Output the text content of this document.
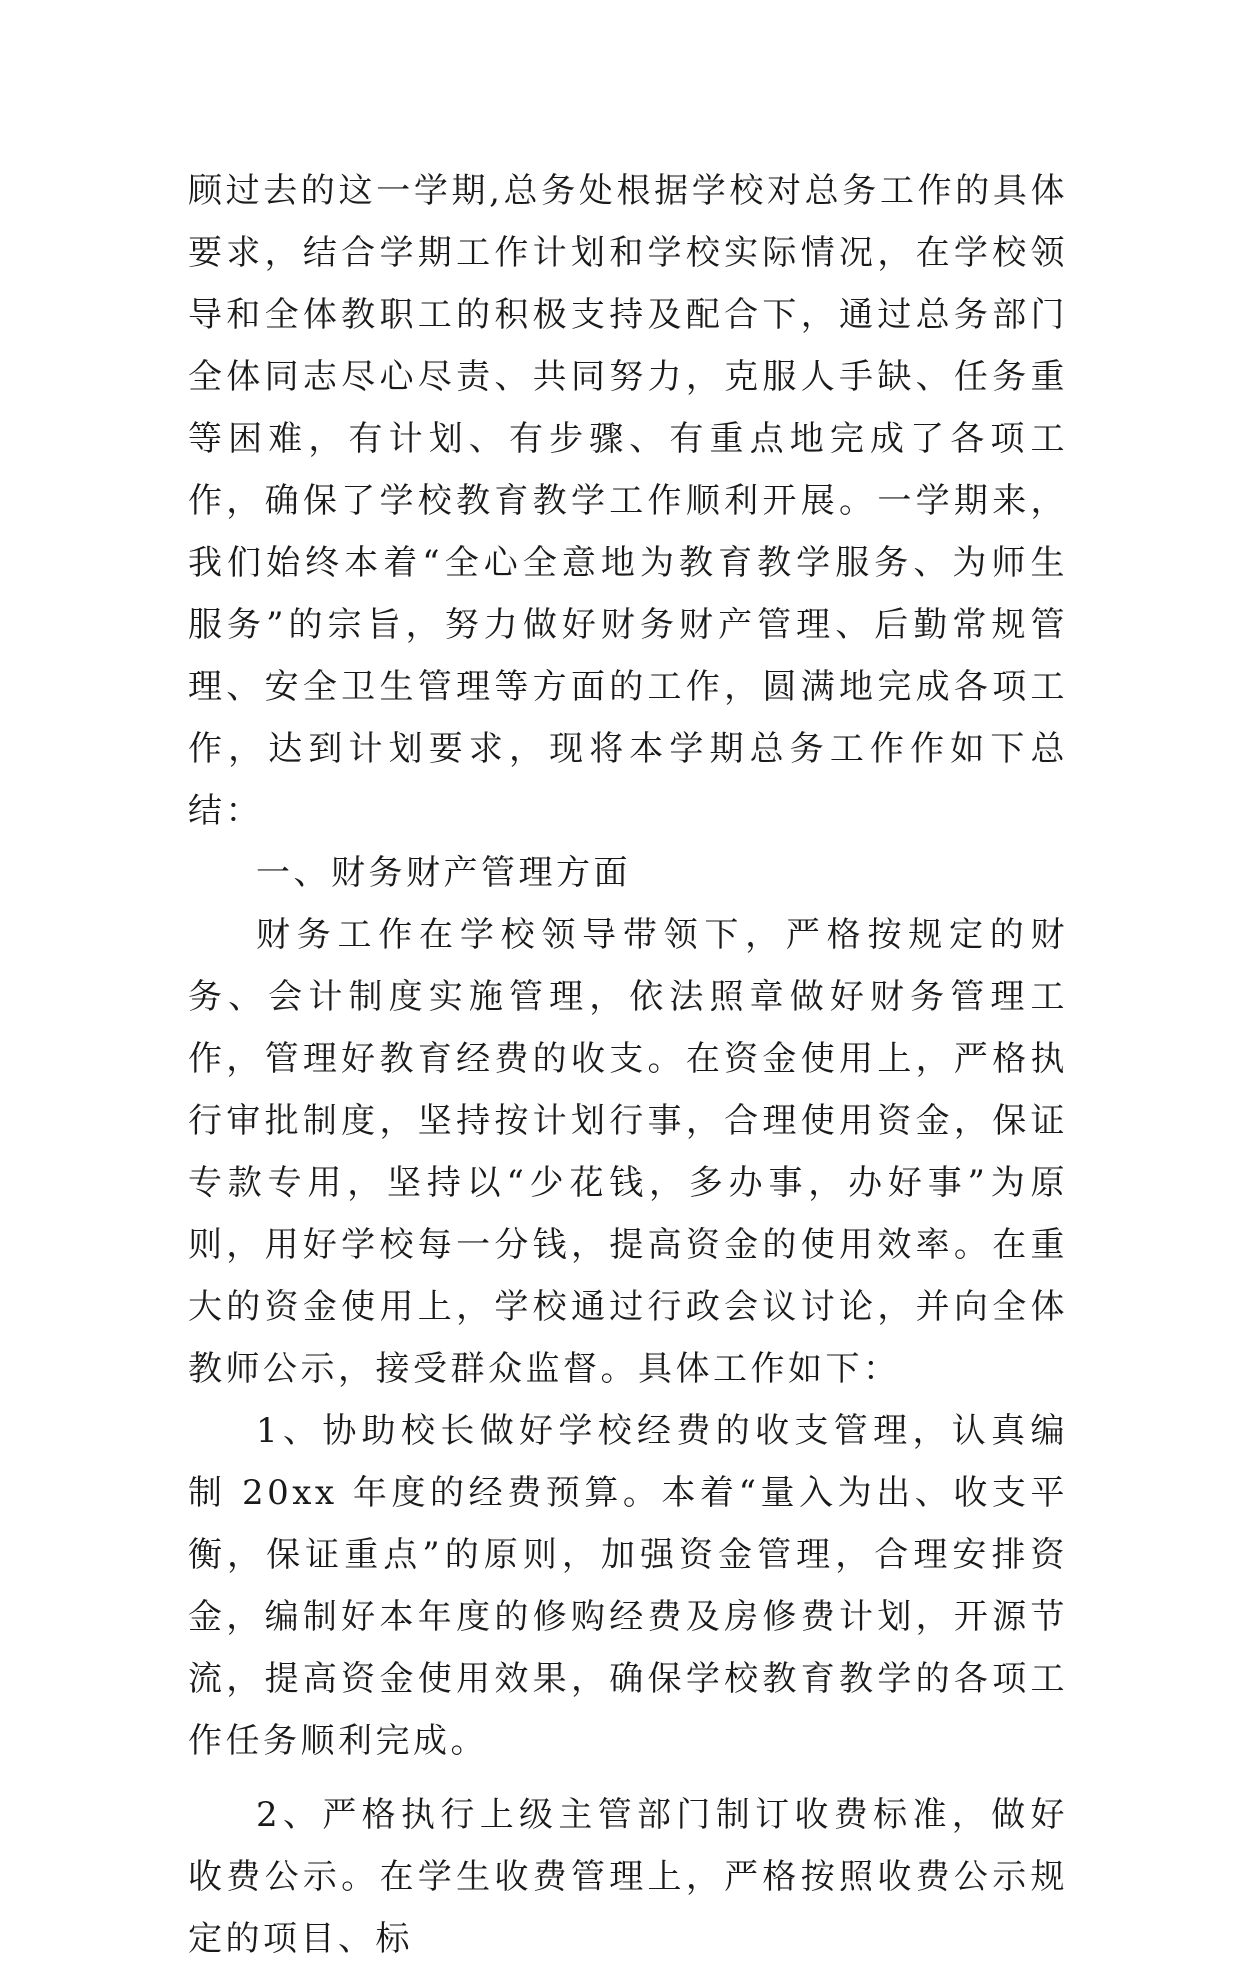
顾过去的这一学期,总务处根据学校对总务工作的具体要求，结合学期工作计划和学校实际情况，在学校领导和全体教职工的积极支持及配合下，通过总务部门全体同志尽心尽责、共同努力，克服人手缺、任务重等困难，有计划、有步骤、有重点地完成了各项工作，确保了学校教育教学工作顺利开展。一学期来，我们始终本着“全心全意地为教育教学服务、为师生服务”的宗旨，努力做好财务财产管理、后勤常规管理、安全卫生管理等方面的工作，圆满地完成各项工作，达到计划要求，现将本学期总务工作作如下总结：

一、财务财产管理方面

财务工作在学校领导带领下，严格按规定的财务、会计制度实施管理，依法照章做好财务管理工作，管理好教育经费的收支。在资金使用上，严格执行审批制度，坚持按计划行事，合理使用资金，保证专款专用，坚持以“少花钱，多办事，办好事”为原则，用好学校每一分钱，提高资金的使用效率。在重大的资金使用上，学校通过行政会议讨论，并向全体教师公示，接受群众监督。具体工作如下：

1、协助校长做好学校经费的收支管理，认真编制 20xx 年度的经费预算。本着“量入为出、收支平衡，保证重点”的原则，加强资金管理，合理安排资金，编制好本年度的修购经费及房修费计划，开源节流，提高资金使用效果，确保学校教育教学的各项工作任务顺利完成。

2、严格执行上级主管部门制订收费标准，做好收费公示。在学生收费管理上，严格按照收费公示规定的项目、标
